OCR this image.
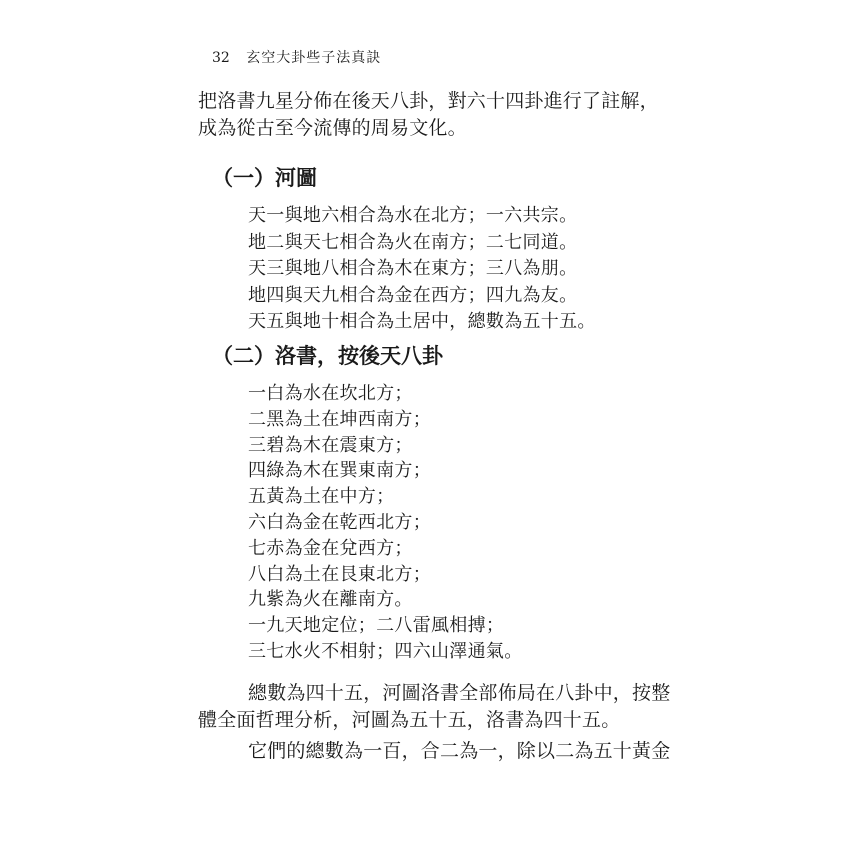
32 玄空大卦些子法真訣
把洛書九星分佈在後天八卦，對六十四卦進行了註解，
成為從古至今流傳的周易文化。
（一）河圖
天一與地六相合為水在北方；一六共宗。
地二與天七相合為火在南方；二七同道。
天三與地八相合為木在東方；三八為朋。
地四與天九相合為金在西方；四九為友。
天五與地十相合為土居中，總數為五十五。
（二）洛書，按後天八卦
一白為水在坎北方；
二黑為土在坤西南方；
三碧為木在震東方；
四綠為木在巽東南方；
五黃為土在中方；
六白為金在乾西北方；
七赤為金在兌西方；
八白為土在艮東北方；
九紫為火在離南方。
一九天地定位；二八雷風相搏；
三七水火不相射；四六山澤通氣。
總數為四十五，河圖洛書全部佈局在八卦中，按整
體全面哲理分析，河圖為五十五，洛書為四十五。
它們的總數為一百，合二為一，除以二為五十黃金
